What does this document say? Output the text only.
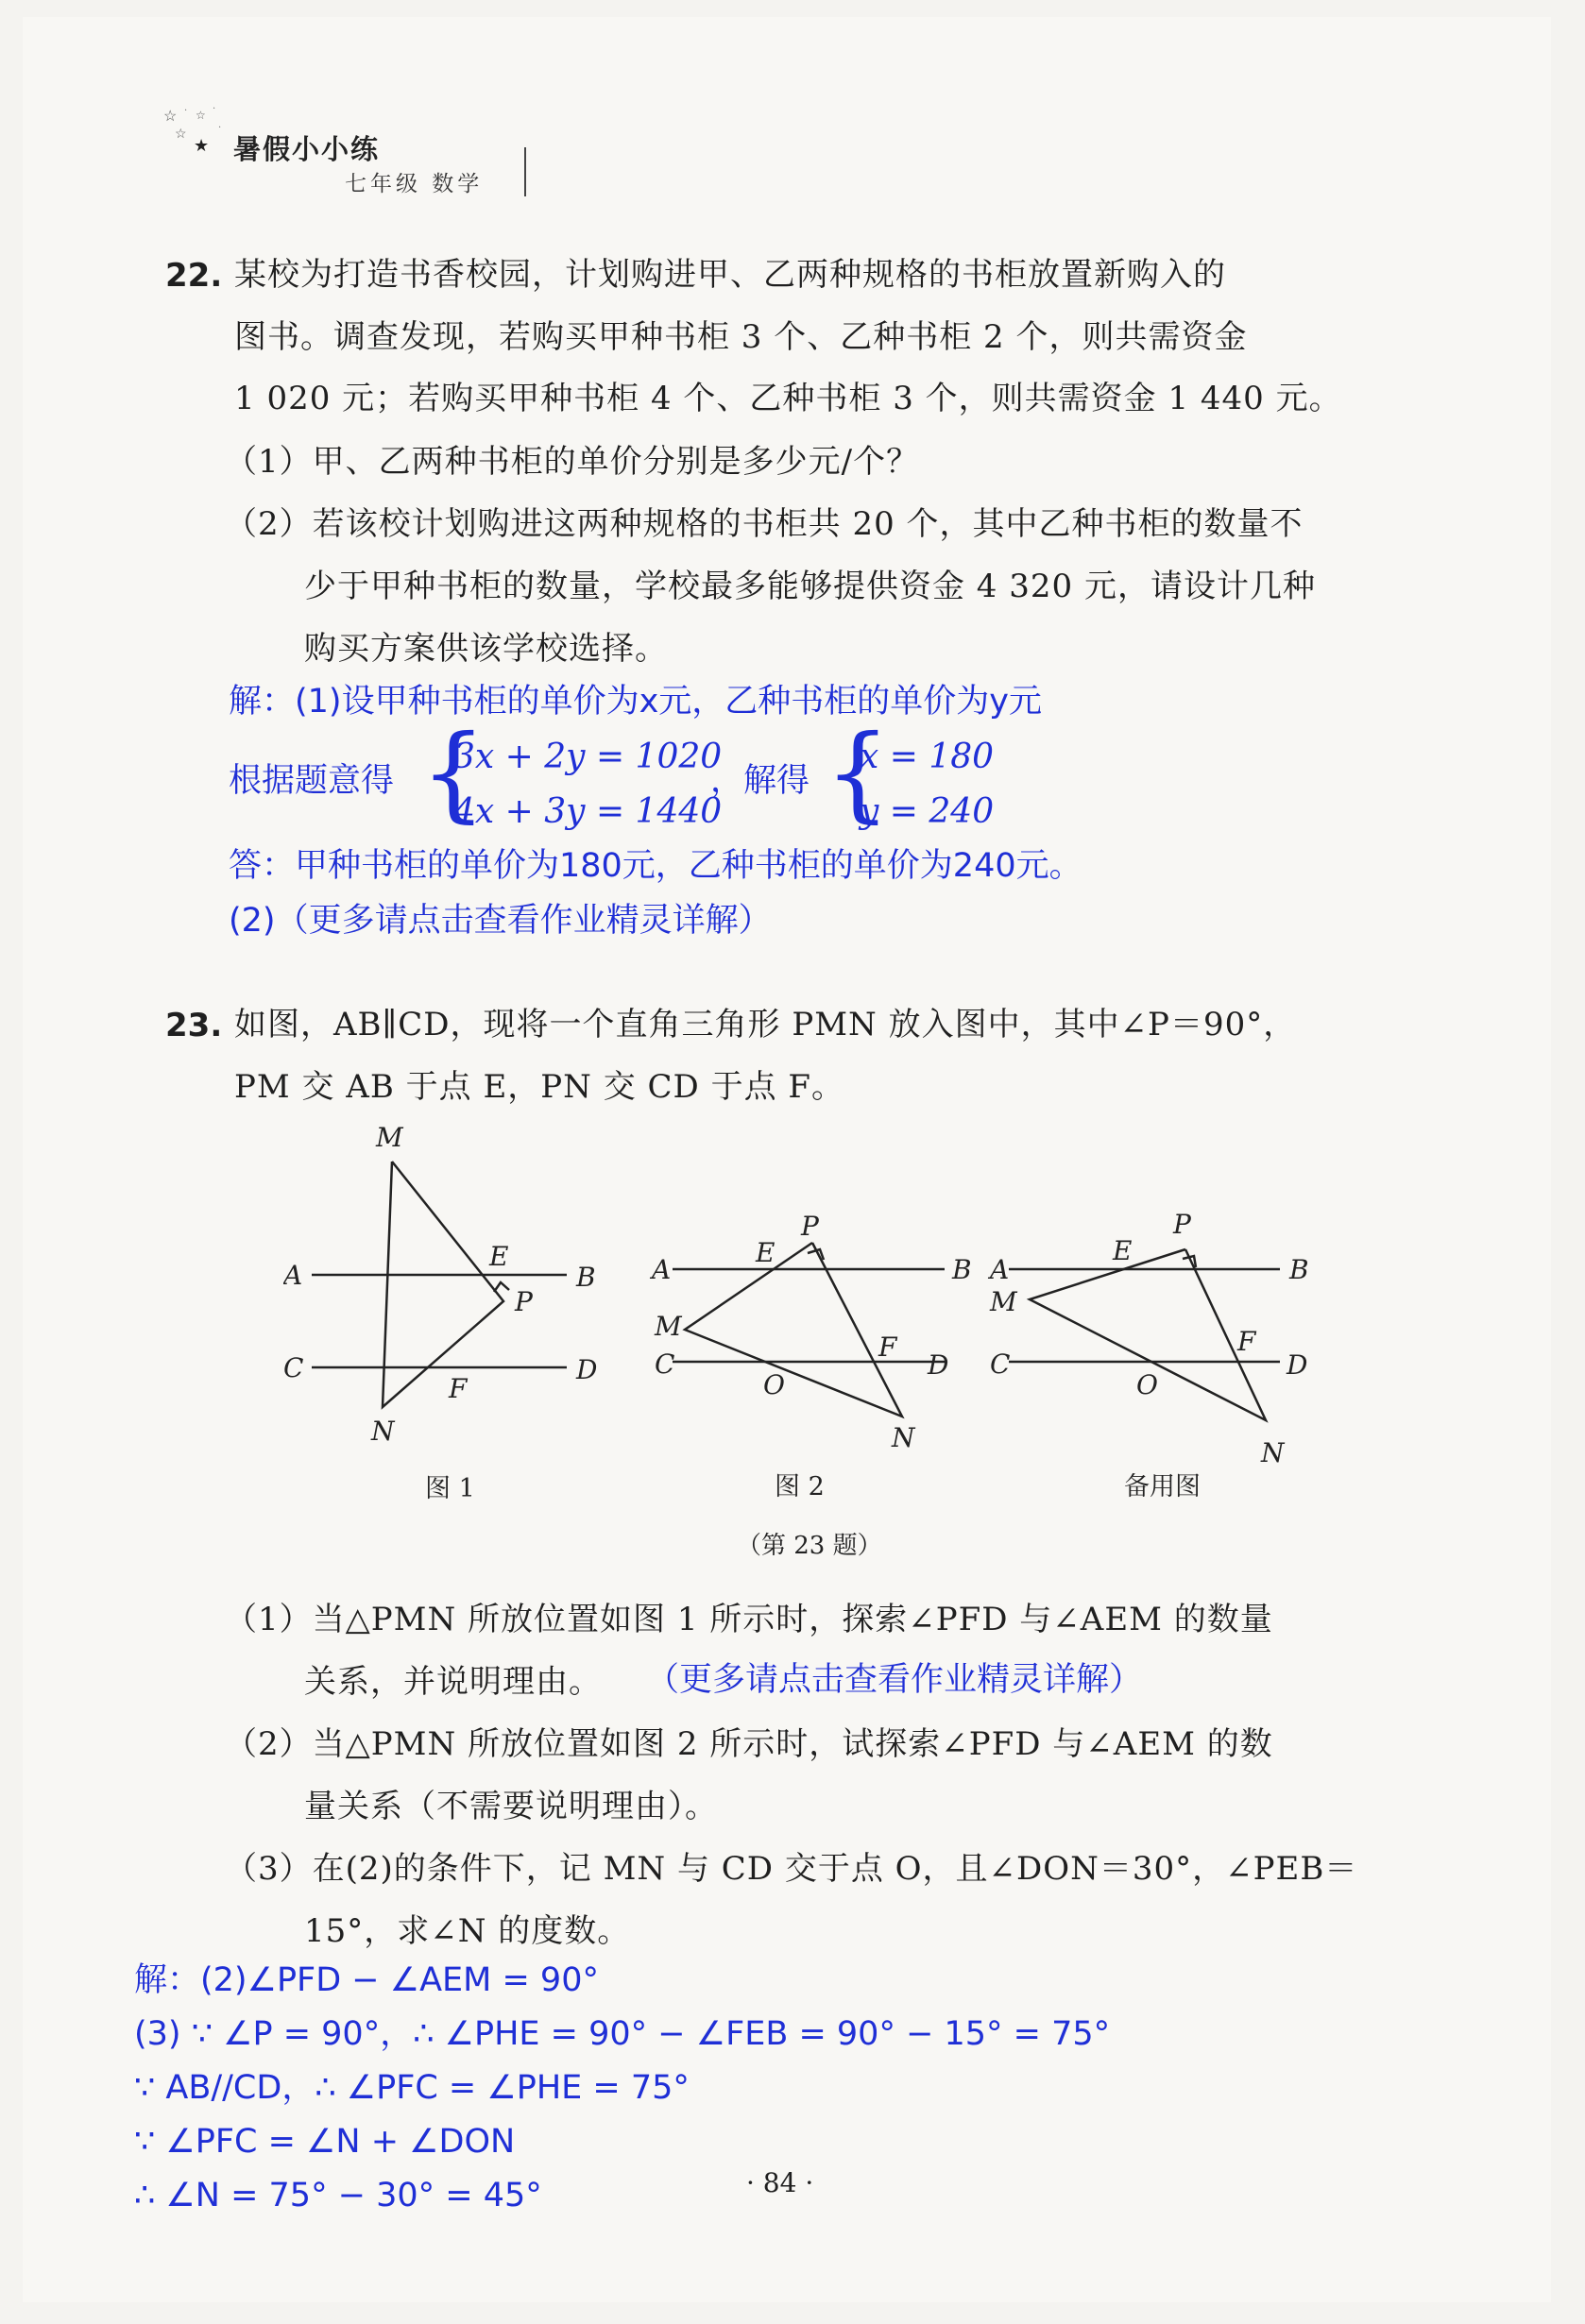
☆ · ☆ ·
☆
★
·
暑假小小练
七年级 数学
22. 某校为打造书香校园，计划购进甲、乙两种规格的书柜放置新购入的
图书。调查发现，若购买甲种书柜 3 个、乙种书柜 2 个，则共需资金
1 020 元；若购买甲种书柜 4 个、乙种书柜 3 个，则共需资金 1 440 元。
（1）甲、乙两种书柜的单价分别是多少元/个？
（2）若该校计划购进这两种规格的书柜共 20 个，其中乙种书柜的数量不
少于甲种书柜的数量，学校最多能够提供资金 4 320 元，请设计几种
购买方案供该学校选择。
解：(1)设甲种书柜的单价为x元，乙种书柜的单价为y元
根据题意得 {
3x + 2y = 1020
4x + 3y = 1440
，解得 {
x = 180
y = 240
答：甲种书柜的单价为180元，乙种书柜的单价为240元。
(2)（更多请点击查看作业精灵详解）
23. 如图，AB∥CD，现将一个直角三角形 PMN 放入图中，其中∠P＝90°，
PM 交 AB 于点 E，PN 交 CD 于点 F。
M
A
E
B
P
C
F
D
N
A
E
P
B
M
C
O
F
D
N
A
E
P
B
M
C
O
F
D
N
图 1	图 2	备用图
（第 23 题）
（1）当△PMN 所放位置如图 1 所示时，探索∠PFD 与∠AEM 的数量
关系，并说明理由。 （更多请点击查看作业精灵详解）
（2）当△PMN 所放位置如图 2 所示时，试探索∠PFD 与∠AEM 的数
量关系（不需要说明理由）。
（3）在(2)的条件下，记 MN 与 CD 交于点 O，且∠DON＝30°，∠PEB＝
15°，求∠N 的度数。
解：(2)∠PFD − ∠AEM = 90°
(3) ∵ ∠P = 90°，∴ ∠PHE = 90° − ∠FEB = 90° − 15° = 75°
∵ AB//CD，∴ ∠PFC = ∠PHE = 75°
∵ ∠PFC = ∠N + ∠DON
∴ ∠N = 75° − 30° = 45°	· 84 ·
